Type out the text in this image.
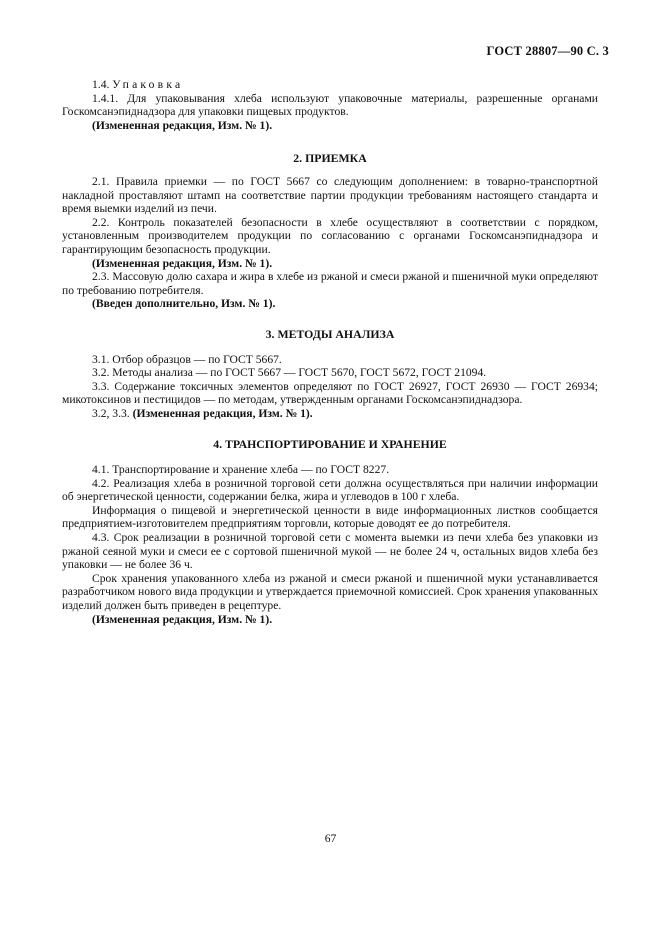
ГОСТ 28807—90 С. 3

1.4. Упаковка

1.4.1. Для упаковывания хлеба используют упаковочные материалы, разрешенные органами Госкомсанэпиднадзора для упаковки пищевых продуктов.

(Измененная редакция, Изм. № 1).

2. ПРИЕМКА

2.1. Правила приемки — по ГОСТ 5667 со следующим дополнением: в товарно-транспортной накладной проставляют штамп на соответствие партии продукции требованиям настоящего стандарта и время выемки изделий из печи.

2.2. Контроль показателей безопасности в хлебе осуществляют в соответствии с порядком, установленным производителем продукции по согласованию с органами Госкомсанэпиднадзора и гарантирующим безопасность продукции.

(Измененная редакция, Изм. № 1).

2.3. Массовую долю сахара и жира в хлебе из ржаной и смеси ржаной и пшеничной муки определяют по требованию потребителя.

(Введен дополнительно, Изм. № 1).

3. МЕТОДЫ АНАЛИЗА

3.1. Отбор образцов — по ГОСТ 5667.

3.2. Методы анализа — по ГОСТ 5667 — ГОСТ 5670, ГОСТ 5672, ГОСТ 21094.

3.3. Содержание токсичных элементов определяют по ГОСТ 26927, ГОСТ 26930 — ГОСТ 26934; микотоксинов и пестицидов — по методам, утвержденным органами Госкомсанэпиднадзора.

3.2, 3.3. (Измененная редакция, Изм. № 1).

4. ТРАНСПОРТИРОВАНИЕ И ХРАНЕНИЕ

4.1. Транспортирование и хранение хлеба — по ГОСТ 8227.

4.2. Реализация хлеба в розничной торговой сети должна осуществляться при наличии информации об энергетической ценности, содержании белка, жира и углеводов в 100 г хлеба.

Информация о пищевой и энергетической ценности в виде информационных листков сообщается предприятием-изготовителем предприятиям торговли, которые доводят ее до потребителя.

4.3. Срок реализации в розничной торговой сети с момента выемки из печи хлеба без упаковки из ржаной сеяной муки и смеси ее с сортовой пшеничной мукой — не более 24 ч, остальных видов хлеба без упаковки — не более 36 ч.

Срок хранения упакованного хлеба из ржаной и смеси ржаной и пшеничной муки устанавливается разработчиком нового вида продукции и утверждается приемочной комиссией. Срок хранения упакованных изделий должен быть приведен в рецептуре.

(Измененная редакция, Изм. № 1).

67
